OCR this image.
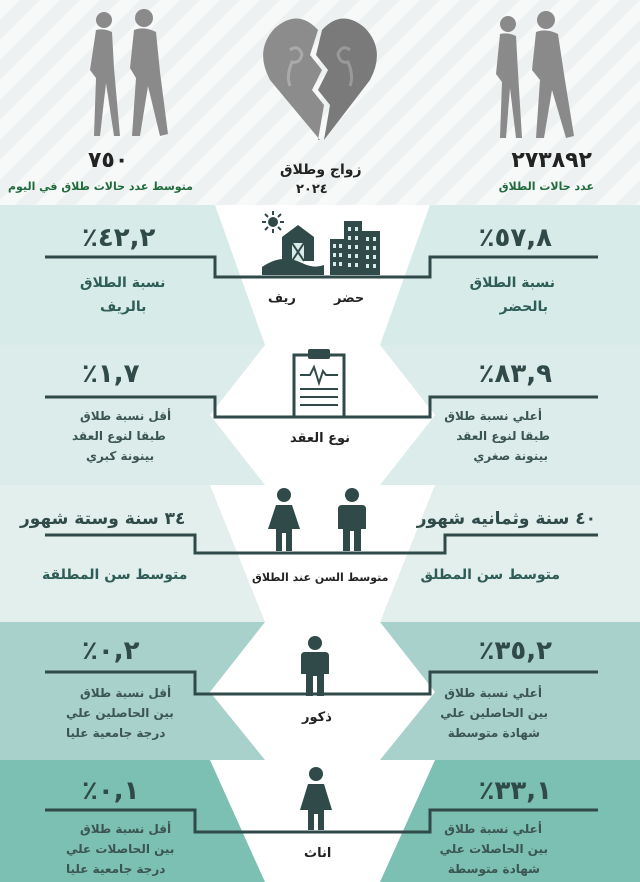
٢٧٣٨٩٢
عدد حالات الطلاق
٧٥٠
متوسط عدد حالات طلاق في اليوم
زواج وطلاق
٢٠٢٤
٪٥٧,٨
٪٤٢,٢
نسبة الطلاق
بالحضر
نسبة الطلاق
بالريف
حضر
ريف
٪٨٣,٩
٪١,٧
أعلي نسبة طلاق
طبقا لنوع العقد
بينونة صغري
أقل نسبة طلاق
طبقا لنوع العقد
بينونة كبري
نوع العقد
٤٠ سنة وثمانيه شهور
٣٤ سنة وستة شهور
متوسط سن المطلق
متوسط سن المطلقة	متوسط السن عند الطلاق
٪٣٥,٢
٪٠,٢
أعلي نسبة طلاق
بين الحاصلين علي
شهادة متوسطة
أقل نسبة طلاق
بين الحاصلين علي
درجة جامعية عليا
ذكور
٪٣٣,١
٪٠,١
أعلي نسبة طلاق
بين الحاصلات علي
شهادة متوسطة
أقل نسبة طلاق
بين الحاصلات علي
درجة جامعية عليا
اناث
